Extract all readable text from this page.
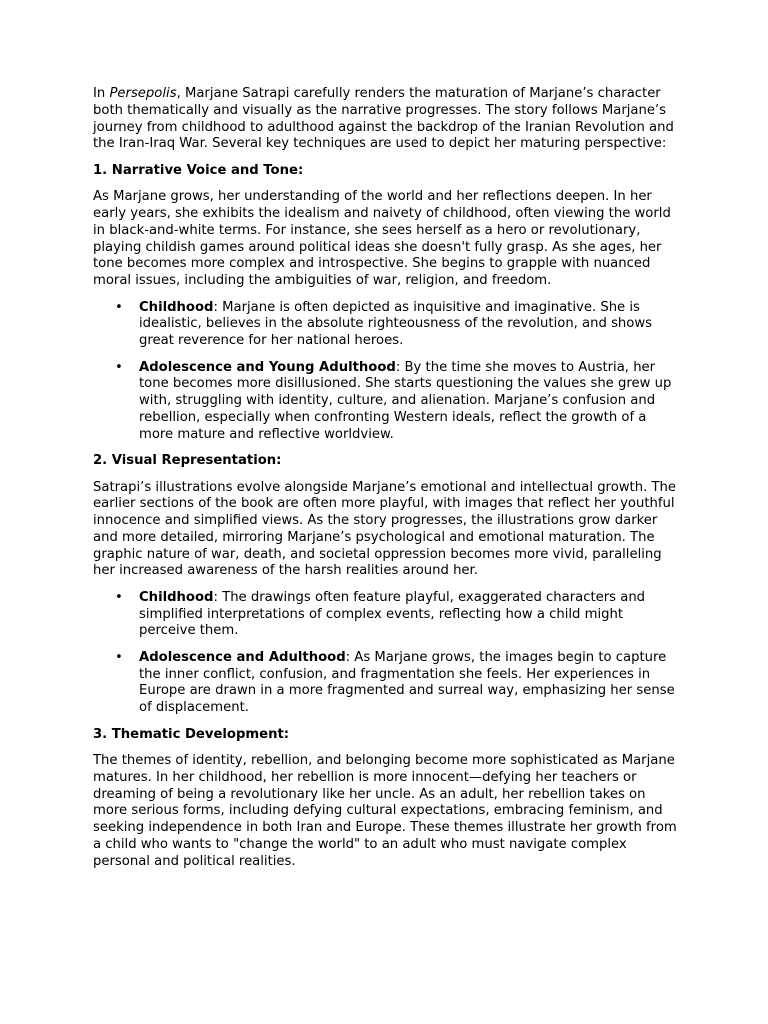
In Persepolis, Marjane Satrapi carefully renders the maturation of Marjane’s character both thematically and visually as the narrative progresses. The story follows Marjane’s journey from childhood to adulthood against the backdrop of the Iranian Revolution and the Iran-Iraq War. Several key techniques are used to depict her maturing perspective:

1. Narrative Voice and Tone:

As Marjane grows, her understanding of the world and her reflections deepen. In her early years, she exhibits the idealism and naivety of childhood, often viewing the world in black-and-white terms. For instance, she sees herself as a hero or revolutionary, playing childish games around political ideas she doesn't fully grasp. As she ages, her tone becomes more complex and introspective. She begins to grapple with nuanced moral issues, including the ambiguities of war, religion, and freedom.

• Childhood: Marjane is often depicted as inquisitive and imaginative. She is idealistic, believes in the absolute righteousness of the revolution, and shows great reverence for her national heroes.
• Adolescence and Young Adulthood: By the time she moves to Austria, her tone becomes more disillusioned. She starts questioning the values she grew up with, struggling with identity, culture, and alienation. Marjane’s confusion and rebellion, especially when confronting Western ideals, reflect the growth of a more mature and reflective worldview.
2. Visual Representation:

Satrapi’s illustrations evolve alongside Marjane’s emotional and intellectual growth. The earlier sections of the book are often more playful, with images that reflect her youthful innocence and simplified views. As the story progresses, the illustrations grow darker and more detailed, mirroring Marjane’s psychological and emotional maturation. The graphic nature of war, death, and societal oppression becomes more vivid, paralleling her increased awareness of the harsh realities around her.

• Childhood: The drawings often feature playful, exaggerated characters and simplified interpretations of complex events, reflecting how a child might perceive them.
• Adolescence and Adulthood: As Marjane grows, the images begin to capture the inner conflict, confusion, and fragmentation she feels. Her experiences in Europe are drawn in a more fragmented and surreal way, emphasizing her sense of displacement.
3. Thematic Development:

The themes of identity, rebellion, and belonging become more sophisticated as Marjane matures. In her childhood, her rebellion is more innocent—defying her teachers or dreaming of being a revolutionary like her uncle. As an adult, her rebellion takes on more serious forms, including defying cultural expectations, embracing feminism, and seeking independence in both Iran and Europe. These themes illustrate her growth from a child who wants to "change the world" to an adult who must navigate complex personal and political realities.
